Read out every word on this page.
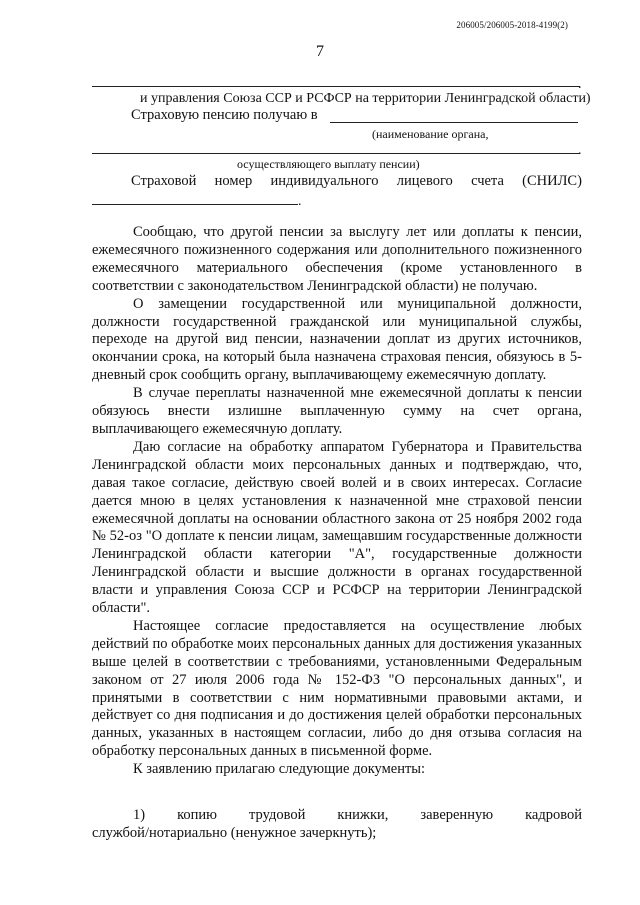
206005/206005-2018-4199(2)
7
.
и управления Союза ССР и РСФСР на территории Ленинградской области)
Страховую пенсию получаю в
(наименование органа,
.
осуществляющего выплату пенсии)
Страховой номер индивидуального лицевого счета (СНИЛС)
.

Сообщаю, что другой пенсии за выслугу лет или доплаты к пенсии, ежемесячного пожизненного содержания или дополнительного пожизненного ежемесячного материального обеспечения (кроме установленного в соответствии с законодательством Ленинградской области) не получаю.

О замещении государственной или муниципальной должности, должности государственной гражданской или муниципальной службы, переходе на другой вид пенсии, назначении доплат из других источников, окончании срока, на который была назначена страховая пенсия, обязуюсь в 5-дневный срок сообщить органу, выплачивающему ежемесячную доплату.

В случае переплаты назначенной мне ежемесячной доплаты к пенсии обязуюсь внести излишне выплаченную сумму на счет органа, выплачивающего ежемесячную доплату.

Даю согласие на обработку аппаратом Губернатора и Правительства Ленинградской области моих персональных данных и подтверждаю, что, давая такое согласие, действую своей волей и в своих интересах. Согласие дается мною в целях установления к назначенной мне страховой пенсии ежемесячной доплаты на основании областного закона от 25 ноября 2002 года № 52-оз "О доплате к пенсии лицам, замещавшим государственные должности Ленинградской области категории "А", государственные должности Ленинградской области и высшие должности в органах государственной власти и управления Союза ССР и РСФСР на территории Ленинградской области".

Настоящее согласие предоставляется на осуществление любых действий по обработке моих персональных данных для достижения указанных выше целей в соответствии с требованиями, установленными Федеральным законом от 27 июля 2006 года № 152-ФЗ "О персональных данных", и принятыми в соответствии с ним нормативными правовыми актами, и действует со дня подписания и до достижения целей обработки персональных данных, указанных в настоящем согласии, либо до дня отзыва согласия на обработку персональных данных в письменной форме.

К заявлению прилагаю следующие документы:

1) копию трудовой книжки, заверенную кадровой
службой/нотариально (ненужное зачеркнуть);
